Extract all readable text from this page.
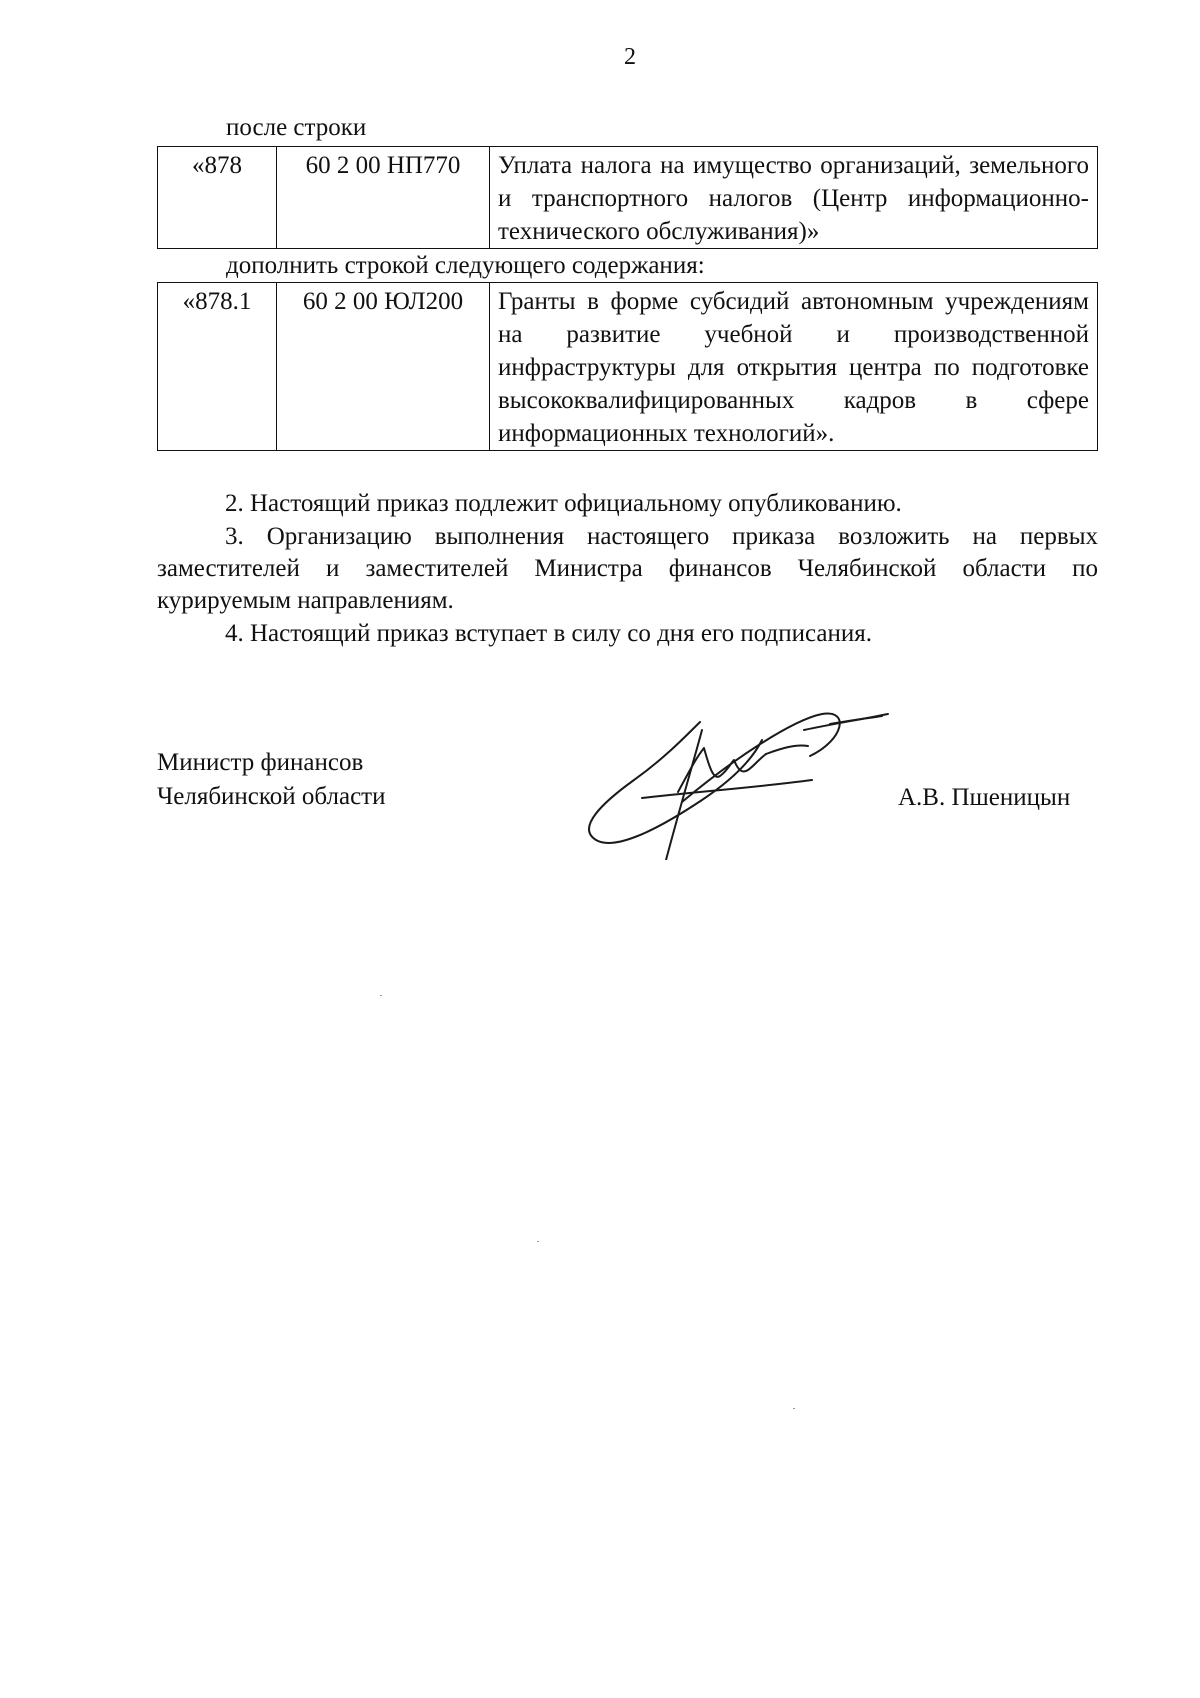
2
после строки
«878	60 2 00 НП770	Уплата налога на имущество организаций, земельного и транспортного налогов (Центр информационно-технического обслуживания)»
дополнить строкой следующего содержания:
«878.1	60 2 00 ЮЛ200	Гранты в форме субсидий автономным учреждениям на развитие учебной и производственной инфраструктуры для открытия центра по подготовке высококвалифицированных кадров в сфере информационных технологий».
2. Настоящий приказ подлежит официальному опубликованию.
3. Организацию выполнения настоящего приказа возложить на первых заместителей и заместителей Министра финансов Челябинской области по курируемым направлениям.
4. Настоящий приказ вступает в силу со дня его подписания.
Министр финансов
Челябинской области	А.В. Пшеницын
